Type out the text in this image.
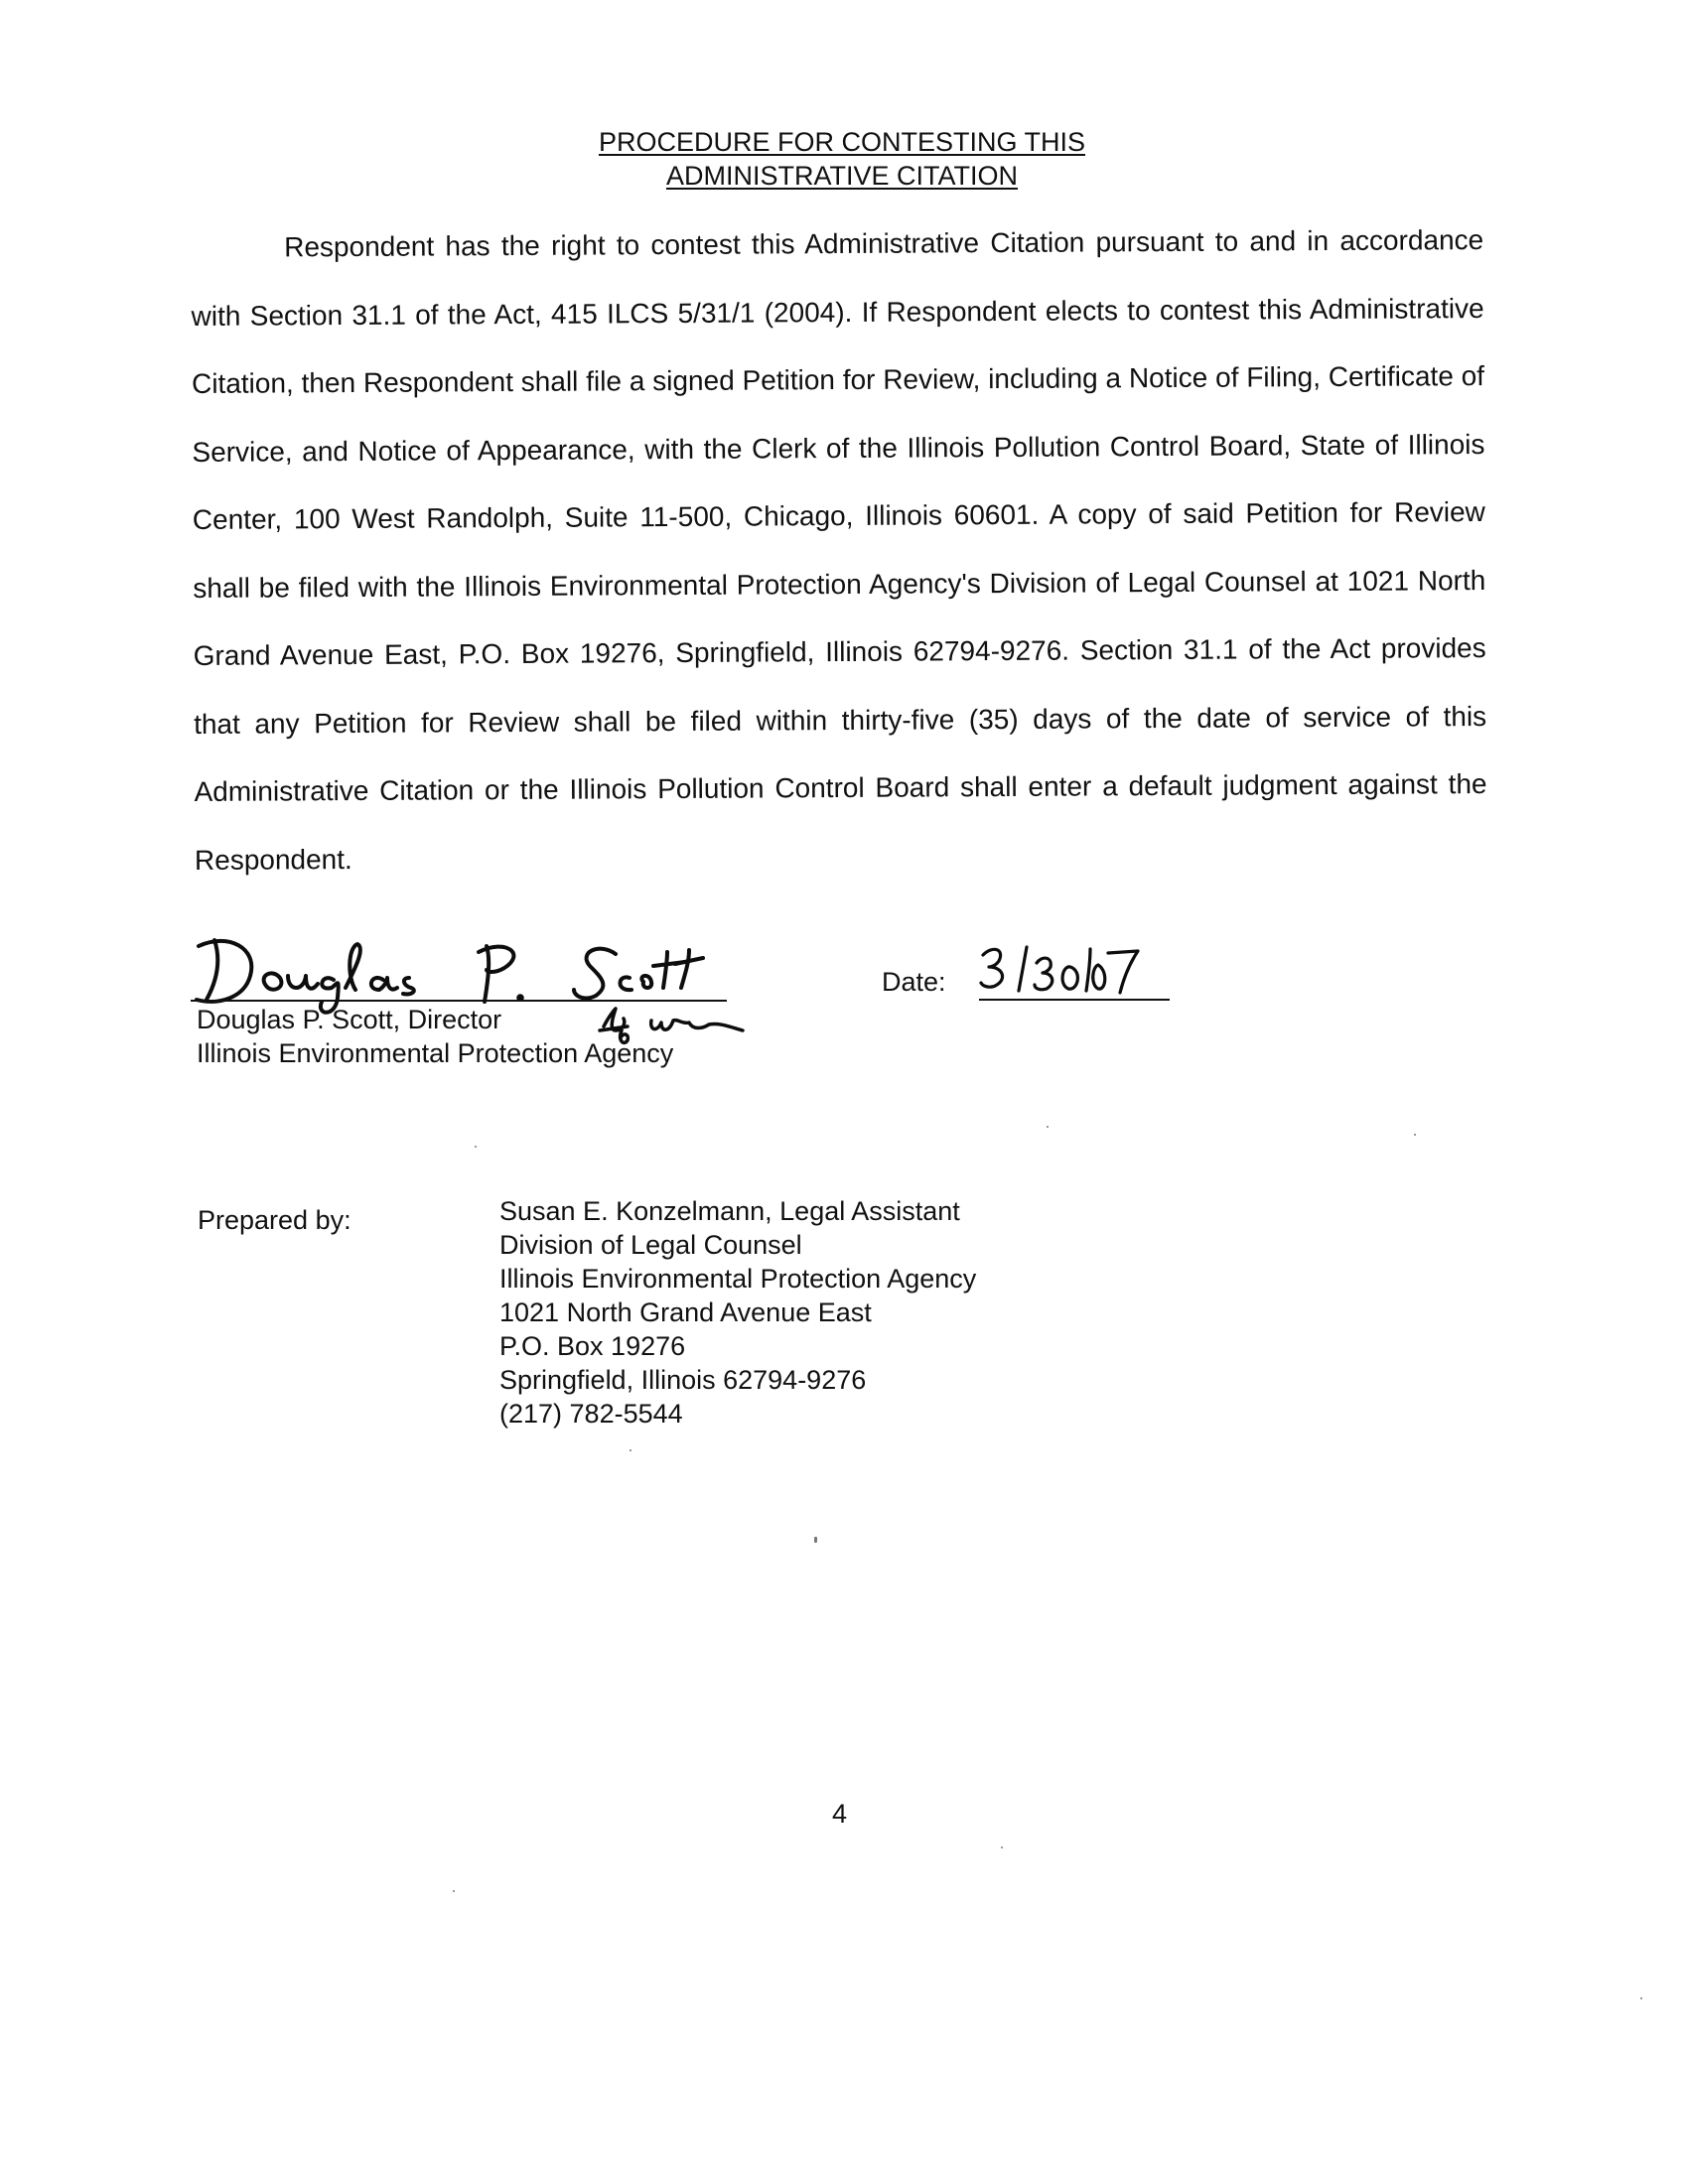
PROCEDURE FOR CONTESTING THIS
ADMINISTRATIVE CITATION

Respondent has the right to contest this Administrative Citation pursuant to and in accordance with Section 31.1 of the Act, 415 ILCS 5/31/1 (2004). If Respondent elects to contest this Administrative Citation, then Respondent shall file a signed Petition for Review, including a Notice of Filing, Certificate of Service, and Notice of Appearance, with the Clerk of the Illinois Pollution Control Board, State of Illinois Center, 100 West Randolph, Suite 11-500, Chicago, Illinois 60601. A copy of said Petition for Review shall be filed with the Illinois Environmental Protection Agency's Division of Legal Counsel at 1021 North Grand Avenue East, P.O. Box 19276, Springfield, Illinois 62794-9276. Section 31.1 of the Act provides that any Petition for Review shall be filed within thirty-five (35) days of the date of service of this Administrative Citation or the Illinois Pollution Control Board shall enter a default judgment against the Respondent.

Douglas P. Scott, Director
Illinois Environmental Protection Agency
Date:
Prepared by:	Susan E. Konzelmann, Legal Assistant
Division of Legal Counsel
Illinois Environmental Protection Agency
1021 North Grand Avenue East
P.O. Box 19276
Springfield, Illinois 62794-9276
(217) 782-5544
4
